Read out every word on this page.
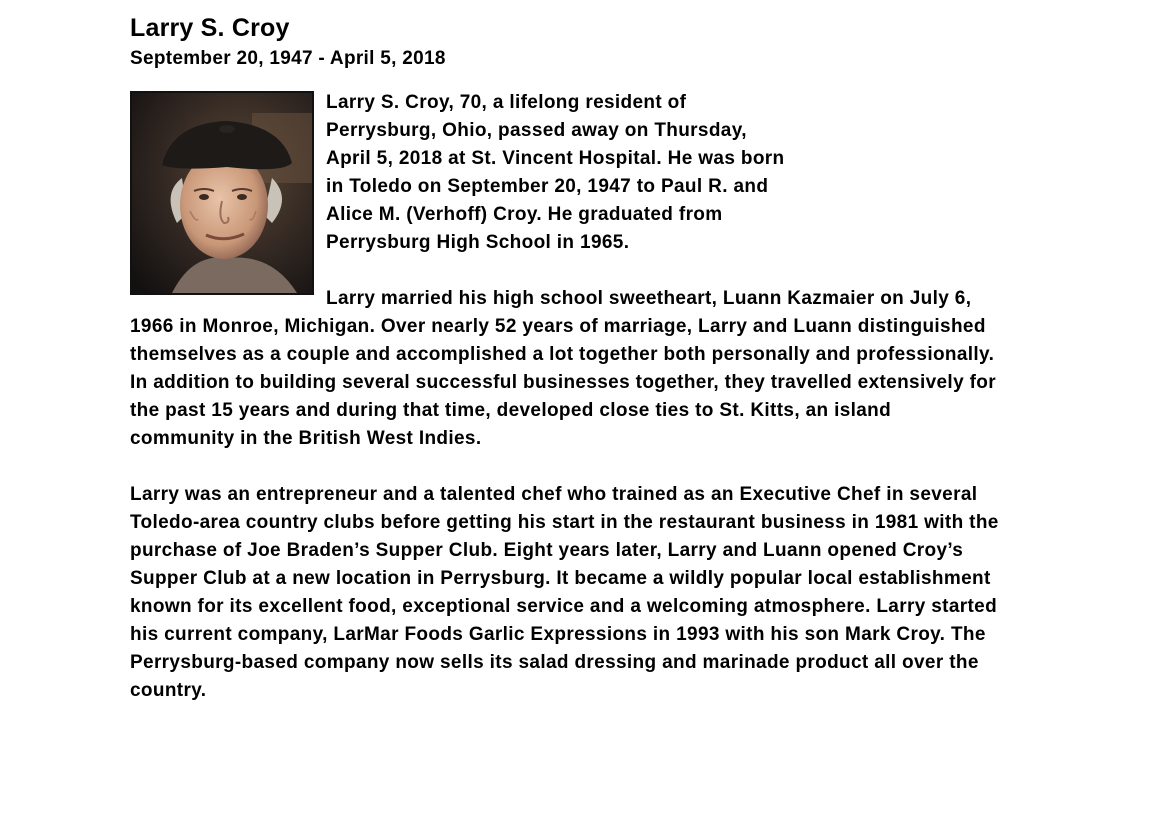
Larry S. Croy
September 20, 1947 - April 5, 2018

Larry S. Croy, 70, a lifelong resident of Perrysburg, Ohio, passed away on Thursday, April 5, 2018 at St. Vincent Hospital. He was born in Toledo on September 20, 1947 to Paul R. and Alice M. (Verhoff) Croy. He graduated from Perrysburg High School in 1965.

Larry married his high school sweetheart, Luann Kazmaier on July 6, 1966 in Monroe, Michigan. Over nearly 52 years of marriage, Larry and Luann distinguished themselves as a couple and accomplished a lot together both personally and professionally. In addition to building several successful businesses together, they travelled extensively for the past 15 years and during that time, developed close ties to St. Kitts, an island community in the British West Indies.

Larry was an entrepreneur and a talented chef who trained as an Executive Chef in several Toledo-area country clubs before getting his start in the restaurant business in 1981 with the purchase of Joe Braden’s Supper Club. Eight years later, Larry and Luann opened Croy’s Supper Club at a new location in Perrysburg. It became a wildly popular local establishment known for its excellent food, exceptional service and a welcoming atmosphere. Larry started his current company, LarMar Foods Garlic Expressions in 1993 with his son Mark Croy. The Perrysburg-based company now sells its salad dressing and marinade product all over the country.
